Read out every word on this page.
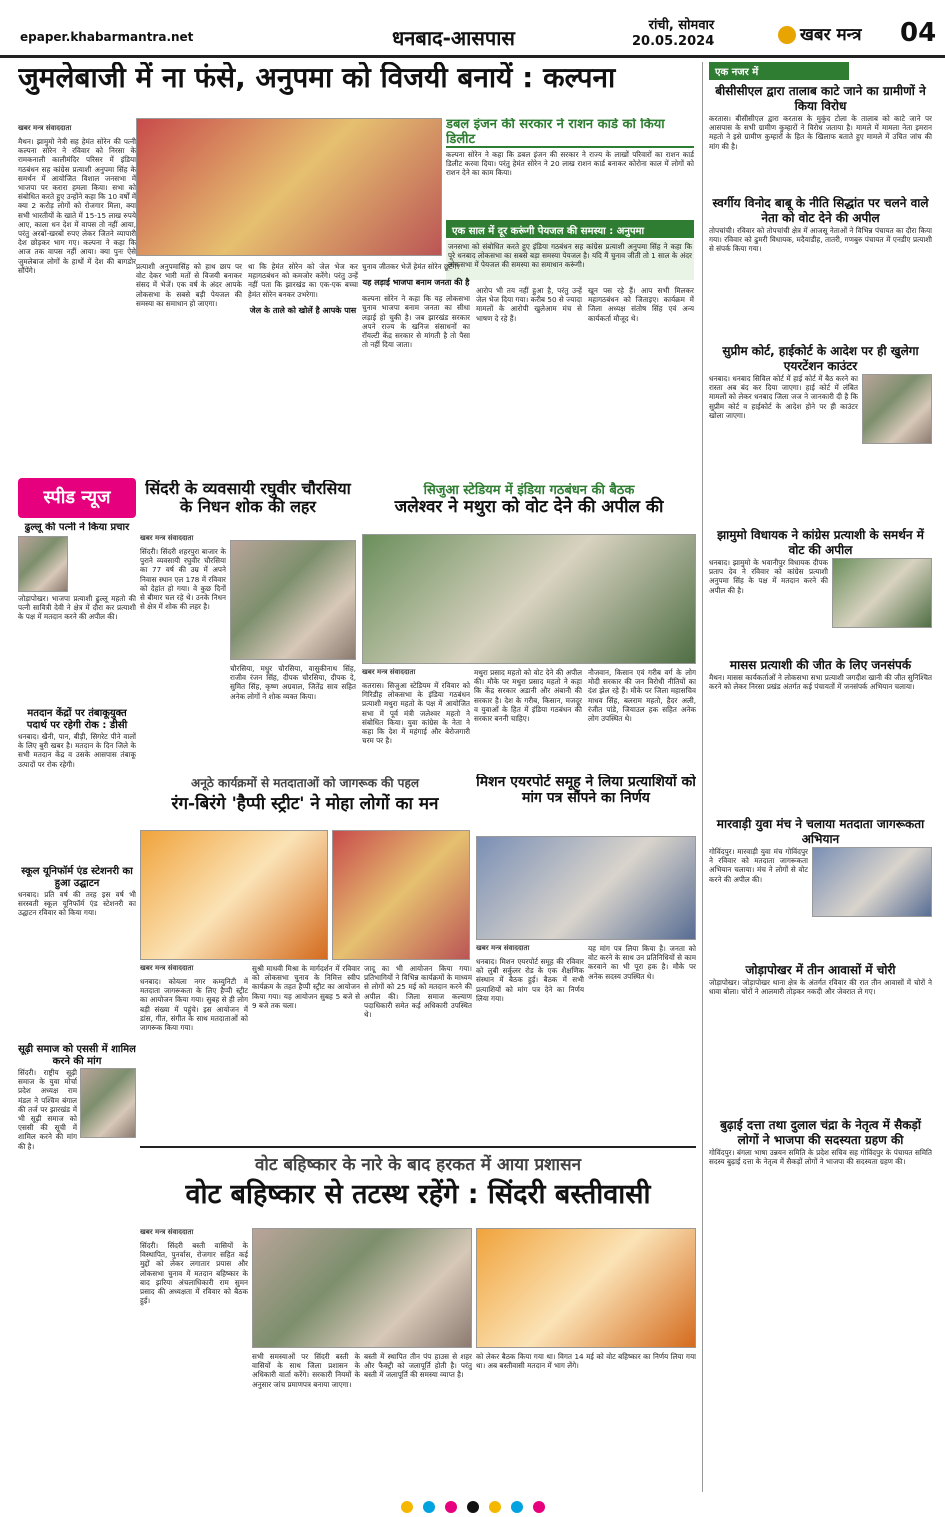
epaper.khabarmantra.net	धनबाद-आसपास
रांची, सोमवार
20.05.2024	खबर मन्त्र 04
जुमलेबाजी में ना फंसे, अनुपमा को विजयी बनायें : कल्पना
खबर मन्त्र संवाददाता
मैथन। झामुमो नेत्री सह हेमंत सोरेन की पत्नी कल्पना सोरेन ने रविवार को निरसा के रामकनाली कालीमंदिर परिसर में इंडिया गठबंधन सह कांग्रेस प्रत्याशी अनुपमा सिंह के समर्थन में आयोजित विशाल जनसभा में भाजपा पर करारा हमला किया। सभा को संबोधित करते हुए उन्होंने कहा कि 10 वर्षों में क्या 2 करोड़ लोगों को रोजगार मिला, क्या सभी भारतीयों के खाते में 15-15 लाख रुपये आए, काला धन देश में वापस तो नहीं आया, परंतु अरबों-खरबों रुपए लेकर जितने व्यापारी देश छोड़कर भाग गए। कल्पना ने कहा कि आज तक वापस नहीं आया। क्या पुनः ऐसे जुमलेबाज लोगों के हाथों में देश की बागडोर सौंपेंगे।
डबल इंजन की सरकार ने राशन कार्ड को किया डिलीट
कल्पना सोरेन ने कहा कि डबल इंजन की सरकार ने राज्य के लाखों परिवारों का राशन कार्ड डिलीट करवा दिया। परंतु हेमंत सोरेन ने 20 लाख राशन कार्ड बनाकर कोरोना काल में लोगों को राशन देने का काम किया।
एक साल में दूर करूंगी पेयजल की समस्या : अनुपमा
जनसभा को संबोधित करते हुए इंडिया गठबंधन सह कांग्रेस प्रत्याशी अनुपमा सिंह ने कहा कि पूरे धनबाद लोकसभा का सबसे बड़ा समस्या पेयजल है। यदि मैं चुनाव जीती तो 1 साल के अंदर लोकसभा में पेयजल की समस्या का समाधान करूंगी।
प्रत्याशी अनुपमासिंह को हाथ छाप पर वोट देकर भारी मतों से विजयी बनाकर संसद में भेजें। एक वर्ष के अंदर आपके लोकसभा के सबसे बड़ी पेयजल की समस्या का समाधान हो जाएगा।
था कि हेमंत सोरेन को जेल भेज कर महागठबंधन को कमजोर करेंगे। परंतु उन्हें नहीं पता कि झारखंड का एक-एक बच्चा हेमंत सोरेन बनकर उभरेगा।
जेल के ताले को खोलें है आपके पास
चुनाव जीतकर भेजें हेमंत सोरेन छूटेंगे।
यह लड़ाई भाजपा बनाम जनता की है
कल्पना सोरेन ने कहा कि यह लोकसभा चुनाव भाजपा बनाम जनता का सीधा लड़ाई हो चुकी है। जब झारखंड सरकार अपने राज्य के खनिज संसाधनों का रॉयल्टी केंद्र सरकार से मांगती है तो पैसा तो नहीं दिया जाता।
आरोप भी तय नहीं हुआ है, परंतु उन्हें जेल भेज दिया गया। करीब 50 से ज्यादा मामलों के आरोपी खुलेआम मंच से भाषण दे रहे हैं।
खून पस रहे हैं। आप सभी मिलकर महागठबंधन को जिताइए। कार्यक्रम में जिला अध्यक्ष संतोष सिंह एवं अन्य कार्यकर्ता मौजूद थे।
एक नजर में
बीसीसीएल द्वारा तालाब काटे जाने का ग्रामीणों ने किया विरोध
करतास। बीसीसीएल द्वारा करतास के मुकुंद टोला के तालाब को काटे जाने पर आसपास के सभी ग्रामीण कुम्हारों ने विरोध जताया है। मामले में मामला नेता इमरान महतो ने इसे ग्रामीण कुम्हारों के हित के खिलाफ बताते हुए मामले में उचित जांच की मांग की है।
स्वर्गीय विनोद बाबू के नीति सिद्धांत पर चलने वाले नेता को वोट देने की अपील
तोपचांची। रविवार को तोपचांची क्षेत्र में आजसू नेताओं ने विभिन्न पंचायत का दौरा किया गया। रविवार को ढुमरी विधायक, मदैयाडीह, तातरी, गणबुरु पंचायत में एनडीए प्रत्याशी से संपर्क किया गया।
सुप्रीम कोर्ट, हाईकोर्ट के आदेश पर ही खुलेगा एयरटेंशन काउंटर
धनबाद। धनबाद सिविल कोर्ट में हाई कोर्ट में बैठ करने का रास्ता अब बंद कर दिया जाएगा। हाई कोर्ट में लंबित मामलों को लेकर धनबाद जिला जज ने जानकारी दी है कि सुप्रीम कोर्ट व हाईकोर्ट के आदेश होने पर ही काउंटर खोला जाएगा।
झामुमो विधायक ने कांग्रेस प्रत्याशी के समर्थन में वोट की अपील
धनबाद। झामुमो के भवानीपुर विधायक दीपक प्रताप देव ने रविवार को कांग्रेस प्रत्याशी अनुपमा सिंह के पक्ष में मतदान करने की अपील की है।
मासस प्रत्याशी की जीत के लिए जनसंपर्क
मैथन। मासस कार्यकर्ताओं ने लोकसभा सभा प्रत्याशी जगदीश खानी की जीत सुनिश्चित करने को लेकर निरसा प्रखंड अंतर्गत कई पंचायतों में जनसंपर्क अभियान चलाया।
मारवाड़ी युवा मंच ने चलाया मतदाता जागरूकता अभियान
गोविंदपुर। मारवाड़ी युवा मंच गोविंदपुर ने रविवार को मतदाता जागरूकता अभियान चलाया। मंच ने लोगों से वोट करने की अपील की।
जोड़ापोखर में तीन आवासों में चोरी
जोड़ापोखर। जोड़ापोखर थाना क्षेत्र के अंतर्गत रविवार की रात तीन आवासों में चोरों ने धावा बोला। चोरों ने आलमारी तोड़कर नकदी और जेवरात ले गए।
बुढ़ाई दत्ता तथा दुलाल चंद्रा के नेतृत्व में सैकड़ों लोगों ने भाजपा की सदस्यता ग्रहण की
गोविंदपुर। बंगला भाषा उन्नयन समिति के प्रदेश सचिव सह गोविंदपुर के पंचायत समिति सदस्य बुढ़ाई दत्ता के नेतृत्व में सैकड़ों लोगों ने भाजपा की सदस्यता ग्रहण की।
स्पीड न्यूज
ढुल्लू की पत्नी ने किया प्रचार
जोड़ापोखर। भाजपा प्रत्याशी ढुल्लू महतो की पत्नी सावित्री देवी ने क्षेत्र में दौरा कर प्रत्याशी के पक्ष में मतदान करने की अपील की।
मतदान केंद्रों पर तंबाकूयुक्त पदार्थ पर रहेगी रोक : डीसी
धनबाद। खैनी, पान, बीड़ी, सिगरेट पीने वालों के लिए बुरी खबर है। मतदान के दिन जिले के सभी मतदान केंद्र व उसके आसपास तंबाकू उत्पादों पर रोक रहेगी।
स्कूल यूनिफॉर्म एंड स्टेशनरी का हुआ उद्घाटन
धनबाद। प्रति वर्ष की तरह इस वर्ष भी सरस्वती स्कूल यूनिफॉर्म एंड स्टेशनरी का उद्घाटन रविवार को किया गया।
सूढ़ी समाज को एससी में शामिल करने की मांग
सिंदरी। राष्ट्रीय सूढ़ी समाज के युवा मोर्चा प्रदेश अध्यक्ष राम मंडल ने पश्चिम बंगाल की तर्ज पर झारखंड में भी सूढ़ी समाज को एससी की सूची में शामिल करने की मांग की है।
सिंदरी के व्यवसायी रघुवीर चौरसिया के निधन शोक की लहर
खबर मन्त्र संवाददाता
सिंदरी। सिंदरी शहरपुरा बाजार के पुराने व्यवसायी रघुवीर चौरसिया का 77 वर्ष की उम्र में अपने निवास स्थान एल 178 में रविवार को देहांत हो गया। वे कुछ दिनों से बीमार चल रहे थे। उनके निधन से क्षेत्र में शोक की लहर है।
चौरसिया, मधुर चौरसिया, वासुकीनाथ सिंह, राजीव रंजन सिंह, दीपक चौरसिया, दीपक दे, सुमित सिंह, कृष्ण अग्रवाल, जितेंद्र साव सहित अनेक लोगों ने शोक व्यक्त किया।
सिजुआ स्टेडियम में इंडिया गठबंधन की बैठक
जलेश्वर ने मथुरा को वोट देने की अपील की
खबर मन्त्र संवाददाता
कतरास। सिजुआ स्टेडियम में रविवार को गिरिडीह लोकसभा के इंडिया गठबंधन प्रत्याशी मथुरा महतो के पक्ष में आयोजित सभा में पूर्व मंत्री जलेश्वर महतो ने संबोधित किया। युवा कांग्रेस के नेता ने कहा कि देश में महंगाई और बेरोजगारी चरम पर है।
मथुरा प्रसाद महतो को वोट देने की अपील की। मौके पर मथुरा प्रसाद महतो ने कहा कि केंद्र सरकार अडानी और अंबानी की सरकार है। देश के गरीब, किसान, मजदूर व युवाओं के हित में इंडिया गठबंधन की सरकार बननी चाहिए।
नौजवान, किसान एवं गरीब वर्ग के लोग मोदी सरकार की जन विरोधी नीतियों का दंश झेल रहे हैं। मौके पर जिला महासचिव माधव सिंह, बलराम महतो, हैदर अली, रंजीत पांडे, जियाउल हक सहित अनेक लोग उपस्थित थे।
अनूठे कार्यक्रमों से मतदाताओं को जागरूक की पहल
रंग-बिरंगे 'हैप्पी स्ट्रीट' ने मोहा लोगों का मन
खबर मन्त्र संवाददाता
धनबाद। कोयला नगर कम्युनिटी में मतदाता जागरूकता के लिए हैप्पी स्ट्रीट का आयोजन किया गया। सुबह से ही लोग बड़ी संख्या में पहुंचे। इस आयोजन में डांस, गीत, संगीत के साथ मतदाताओं को जागरूक किया गया।
सुश्री माधवी मिश्रा के मार्गदर्शन में रविवार को लोकसभा चुनाव के निमित्त स्वीप कार्यक्रम के तहत हैप्पी स्ट्रीट का आयोजन किया गया। यह आयोजन सुबह 5 बजे से 9 बजे तक चला।
जादू का भी आयोजन किया गया। प्रतिभागियों ने विभिन्न कार्यक्रमों के माध्यम से लोगों को 25 मई को मतदान करने की अपील की। जिला समाज कल्याण पदाधिकारी समेत कई अधिकारी उपस्थित थे।
मिशन एयरपोर्ट समूह ने लिया प्रत्याशियों को मांग पत्र सौंपने का निर्णय
खबर मन्त्र संवाददाता
धनबाद। मिशन एयरपोर्ट समूह की रविवार को लुबी सर्कुलर रोड के एक शैक्षणिक संस्थान में बैठक हुई। बैठक में सभी प्रत्याशियों को मांग पत्र देने का निर्णय लिया गया।
यह मांग पत्र लिया किया है। जनता को वोट करने के साथ उन प्रतिनिधियों से काम करवाने का भी पूरा हक है। मौके पर अनेक सदस्य उपस्थित थे।
वोट बहिष्कार के नारे के बाद हरकत में आया प्रशासन
वोट बहिष्कार से तटस्थ रहेंगे : सिंदरी बस्तीवासी
खबर मन्त्र संवाददाता
सिंदरी। सिंदरी बस्ती वासियों के विस्थापित, पुनर्वास, रोजगार सहित कई मुद्दों को लेकर लगातार प्रयास और लोकसभा चुनाव में मतदान बहिष्कार के बाद झरिया अंचलाधिकारी राम सुमन प्रसाद की अध्यक्षता में रविवार को बैठक हुई।
सभी समस्याओं पर सिंदरी बस्ती के वासियों के साथ जिला प्रशासन के अधिकारी वार्ता करेंगे। सरकारी नियमों के अनुसार जांच प्रमाणपत्र बनाया जाएगा।
बस्ती में स्थापित तीन पंप हाउस से शहर और फैक्ट्री को जलापूर्ति होती है। परंतु बस्ती में जलापूर्ति की समस्या व्याप्त है।
को लेकर बैठक किया गया था। विगत 14 मई को वोट बहिष्कार का निर्णय लिया गया था। अब बस्तीवासी मतदान में भाग लेंगे।
